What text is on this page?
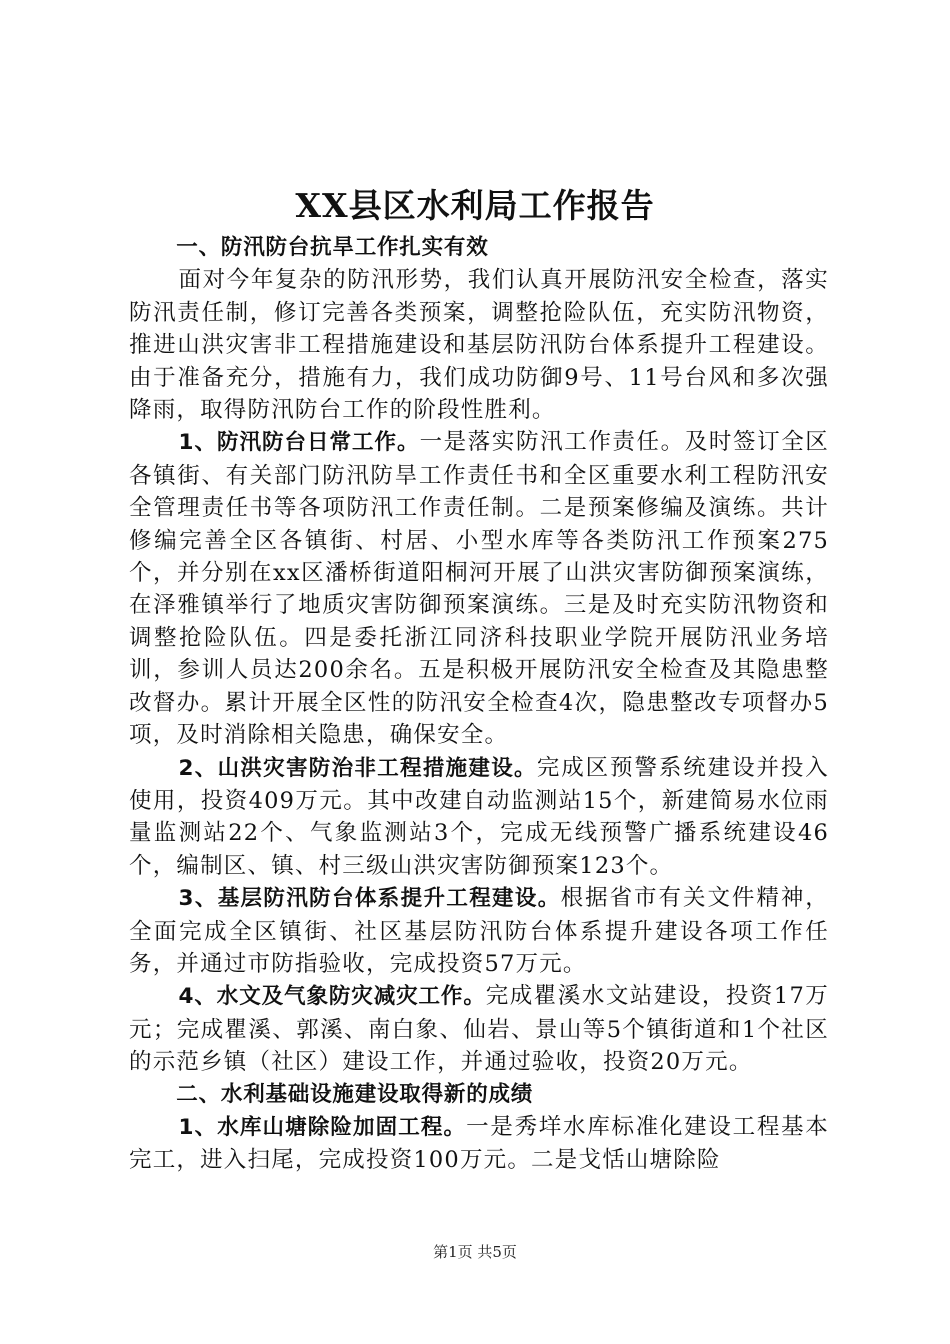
XX县区水利局工作报告

一、防汛防台抗旱工作扎实有效

面对今年复杂的防汛形势，我们认真开展防汛安全检查，落实防汛责任制，修订完善各类预案，调整抢险队伍，充实防汛物资，推进山洪灾害非工程措施建设和基层防汛防台体系提升工程建设。由于准备充分，措施有力，我们成功防御9号、11号台风和多次强降雨，取得防汛防台工作的阶段性胜利。

1、防汛防台日常工作。一是落实防汛工作责任。及时签订全区各镇街、有关部门防汛防旱工作责任书和全区重要水利工程防汛安全管理责任书等各项防汛工作责任制。二是预案修编及演练。共计修编完善全区各镇街、村居、小型水库等各类防汛工作预案275个，并分别在xx区潘桥街道阳桐河开展了山洪灾害防御预案演练，在泽雅镇举行了地质灾害防御预案演练。三是及时充实防汛物资和调整抢险队伍。四是委托浙江同济科技职业学院开展防汛业务培训，参训人员达200余名。五是积极开展防汛安全检查及其隐患整改督办。累计开展全区性的防汛安全检查4次，隐患整改专项督办5项，及时消除相关隐患，确保安全。

2、山洪灾害防治非工程措施建设。完成区预警系统建设并投入使用，投资409万元。其中改建自动监测站15个，新建简易水位雨量监测站22个、气象监测站3个，完成无线预警广播系统建设46个，编制区、镇、村三级山洪灾害防御预案123个。

3、基层防汛防台体系提升工程建设。根据省市有关文件精神，全面完成全区镇街、社区基层防汛防台体系提升建设各项工作任务，并通过市防指验收，完成投资57万元。

4、水文及气象防灾减灾工作。完成瞿溪水文站建设，投资17万元；完成瞿溪、郭溪、南白象、仙岩、景山等5个镇街道和1个社区的示范乡镇（社区）建设工作，并通过验收，投资20万元。

二、水利基础设施建设取得新的成绩

1、水库山塘除险加固工程。一是秀垟水库标准化建设工程基本完工，进入扫尾，完成投资100万元。二是戈恬山塘除险

第1页 共5页
